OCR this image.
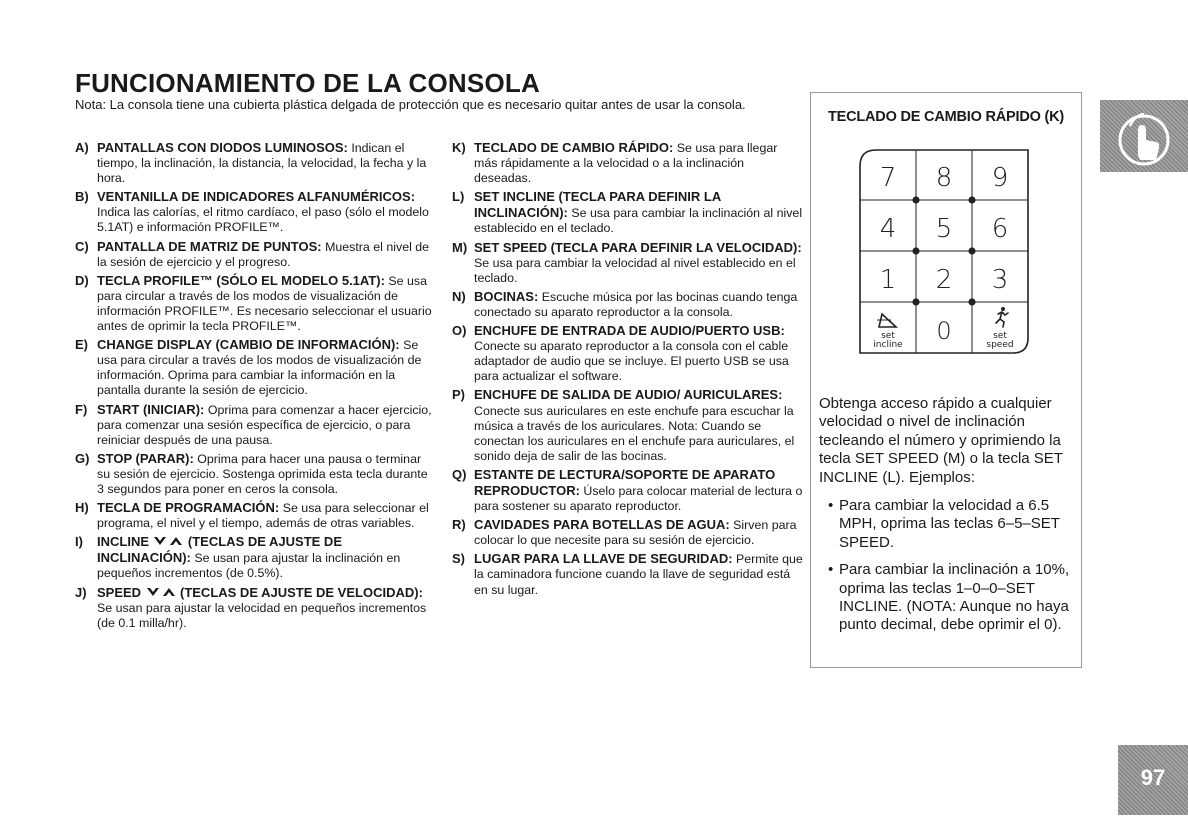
FUNCIONAMIENTO DE LA CONSOLA
Nota: La consola tiene una cubierta plástica delgada de protección que es necesario quitar antes de usar la consola.
A) PANTALLAS CON DIODOS LUMINOSOS: Indican el tiempo, la inclinación, la distancia, la velocidad, la fecha y la hora.
B) VENTANILLA DE INDICADORES ALFANUMÉRICOS: Indica las calorías, el ritmo cardíaco, el paso (sólo el modelo 5.1AT) e información PROFILE™.
C) PANTALLA DE MATRIZ DE PUNTOS: Muestra el nivel de la sesión de ejercicio y el progreso.
D) TECLA PROFILE™ (SÓLO EL MODELO 5.1AT): Se usa para circular a través de los modos de visualización de información PROFILE™. Es necesario seleccionar el usuario antes de oprimir la tecla PROFILE™.
E) CHANGE DISPLAY (CAMBIO DE INFORMACIÓN): Se usa para circular a través de los modos de visualización de información. Oprima para cambiar la información en la pantalla durante la sesión de ejercicio.
F) START (INICIAR): Oprima para comenzar a hacer ejercicio, para comenzar una sesión específica de ejercicio, o para reiniciar después de una pausa.
G) STOP (PARAR): Oprima para hacer una pausa o terminar su sesión de ejercicio. Sostenga oprimida esta tecla durante 3 segundos para poner en ceros la consola.
H) TECLA DE PROGRAMACIÓN: Se usa para seleccionar el programa, el nivel y el tiempo, además de otras variables.
I) INCLINE	(TECLAS DE AJUSTE DE INCLINACIÓN): Se usan para ajustar la inclinación en pequeños incrementos (de 0.5%).
J) SPEED	(TECLAS DE AJUSTE DE VELOCIDAD): Se usan para ajustar la velocidad en pequeños incrementos (de 0.1 milla/hr).
K) TECLADO DE CAMBIO RÁPIDO: Se usa para llegar más rápidamente a la velocidad o a la inclinación deseadas.
L) SET INCLINE (TECLA PARA DEFINIR LA INCLINACIÓN): Se usa para cambiar la inclinación al nivel establecido en el teclado.
M) SET SPEED (TECLA PARA DEFINIR LA VELOCIDAD): Se usa para cambiar la velocidad al nivel establecido en el teclado.
N) BOCINAS: Escuche música por las bocinas cuando tenga conectado su aparato reproductor a la consola.
O) ENCHUFE DE ENTRADA DE AUDIO/PUERTO USB: Conecte su aparato reproductor a la consola con el cable adaptador de audio que se incluye. El puerto USB se usa para actualizar el software.
P) ENCHUFE DE SALIDA DE AUDIO/ AURICULARES: Conecte sus auriculares en este enchufe para escuchar la música a través de los auriculares. Nota: Cuando se conectan los auriculares en el enchufe para auriculares, el sonido deja de salir de las bocinas.
Q) ESTANTE DE LECTURA/SOPORTE DE APARATO REPRODUCTOR: Úselo para colocar material de lectura o para sostener su aparato reproductor.
R) CAVIDADES PARA BOTELLAS DE AGUA: Sirven para colocar lo que necesite para su sesión de ejercicio.
S) LUGAR PARA LA LLAVE DE SEGURIDAD: Permite que la caminadora funcione cuando la llave de seguridad está en su lugar.
TECLADO DE CAMBIO RÁPIDO (K)
7 8 9
4 5 6
1 2 3
0
set
incline
set
speed
Obtenga acceso rápido a cualquier velocidad o nivel de inclinación tecleando el número y oprimiendo la tecla SET SPEED (M) o la tecla SET INCLINE (L). Ejemplos:
• Para cambiar la velocidad a 6.5 MPH, oprima las teclas 6–5–SET SPEED.
• Para cambiar la inclinación a 10%, oprima las teclas 1–0–0–SET INCLINE. (NOTA: Aunque no haya punto decimal, debe oprimir el 0).
97
